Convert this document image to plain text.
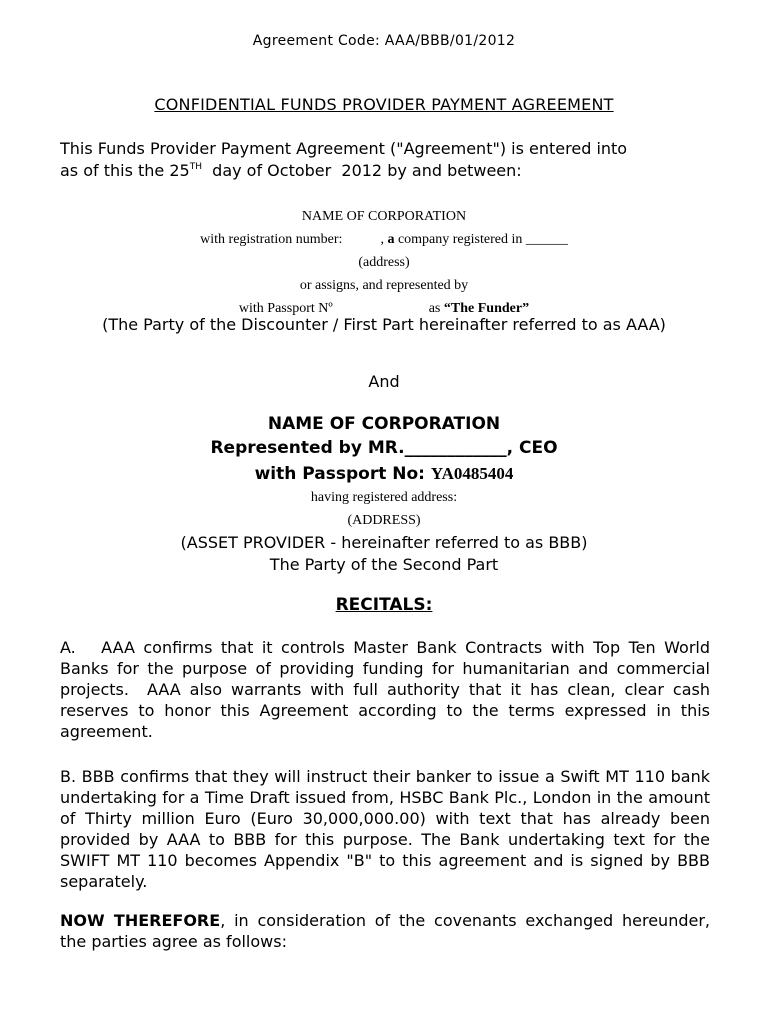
Agreement Code: AAA/BBB/01/2012
CONFIDENTIAL FUNDS PROVIDER PAYMENT AGREEMENT
This Funds Provider Payment Agreement ("Agreement") is entered into
as of this the 25TH  day of October  2012 by and between:
NAME OF CORPORATION
with registration number:	, a company registered in ______
(address)
or assigns, and represented by
with Passport Nº	as “The Funder”
(The Party of the Discounter / First Part hereinafter referred to as AAA)
And
NAME OF CORPORATION
Represented by MR.____________, CEO
with Passport No: YA0485404
having registered address:
(ADDRESS)
(ASSET PROVIDER - hereinafter referred to as BBB)
The Party of the Second Part
RECITALS:
A.   AAA confirms that it controls Master Bank Contracts with Top Ten World Banks for the purpose of providing funding for humanitarian and commercial projects.  AAA also warrants with full authority that it has clean, clear cash reserves to honor this Agreement according to the terms expressed in this agreement.
B. BBB confirms that they will instruct their banker to issue a Swift MT 110 bank undertaking for a Time Draft issued from, HSBC Bank Plc., London in the amount of Thirty million Euro (Euro 30,000,000.00) with text that has already been provided by AAA to BBB for this purpose. The Bank undertaking text for the SWIFT MT 110 becomes Appendix "B" to this agreement and is signed by BBB separately.
NOW THEREFORE, in consideration of the covenants exchanged hereunder, the parties agree as follows:
